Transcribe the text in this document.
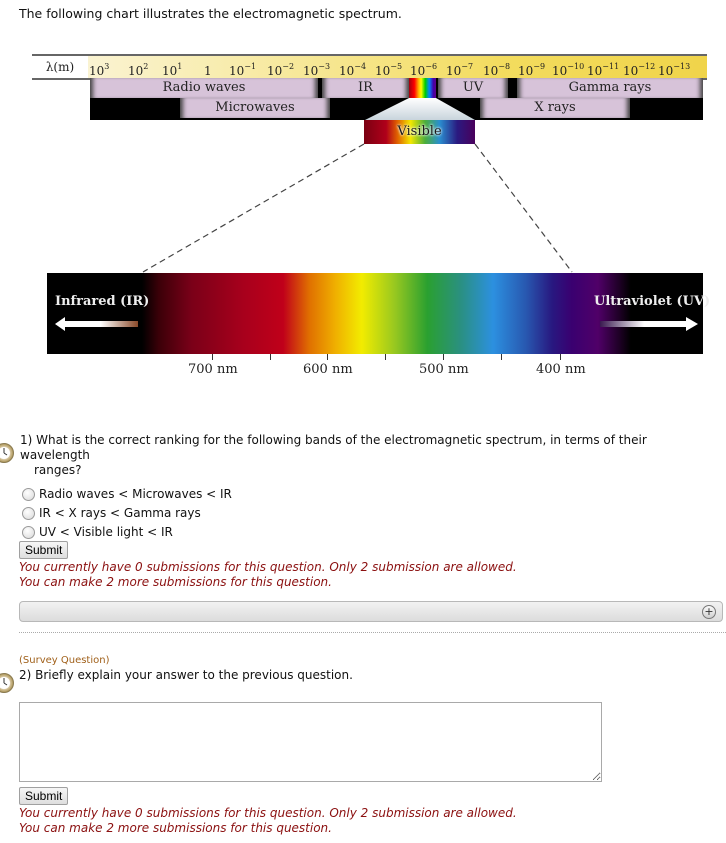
The following chart illustrates the electromagnetic spectrum.
λ(m)	$10^3$ $10^2$ $10^1$ 1 $10^{-1}$ $10^{-2}$ $10^{-3}$ $10^{-4}$ $10^{-5}$ $10^{-6}$ $10^{-7}$ $10^{-8}$ $10^{-9}$ $10^{-10}$ $10^{-11}$ $10^{-12}$ $10^{-13}$
Radio waves	IR	UV	Gamma rays
Microwaves	X rays
Visible
Infrared (IR)	Ultraviolet (UV)
700 nm	600 nm	500 nm	400 nm
1) What is the correct ranking for the following bands of the electromagnetic spectrum, in terms of their wavelength
ranges?
Radio waves < Microwaves < IR
IR < X rays < Gamma rays
UV < Visible light < IR
Submit
You currently have 0 submissions for this question. Only 2 submission are allowed.
You can make 2 more submissions for this question.
+
(Survey Question)
2) Briefly explain your answer to the previous question.
Submit
You currently have 0 submissions for this question. Only 2 submission are allowed.
You can make 2 more submissions for this question.
